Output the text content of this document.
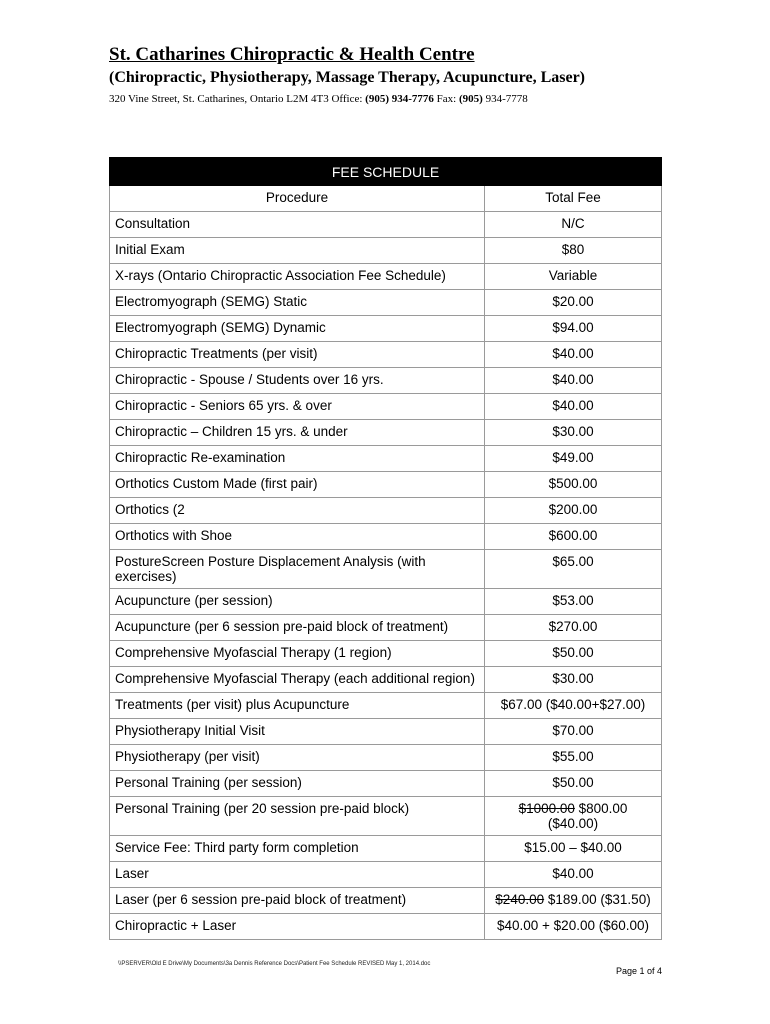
St. Catharines Chiropractic & Health Centre
(Chiropractic, Physiotherapy, Massage Therapy, Acupuncture, Laser)
320 Vine Street, St. Catharines, Ontario L2M 4T3 Office: (905) 934-7776 Fax: (905) 934-7778
FEE SCHEDULE	
Procedure	Total Fee
Consultation	N/C
Initial Exam	$80
X-rays (Ontario Chiropractic Association Fee Schedule)	Variable
Electromyograph (SEMG) Static	$20.00
Electromyograph (SEMG) Dynamic	$94.00
Chiropractic Treatments (per visit)	$40.00
Chiropractic - Spouse / Students over 16 yrs.	$40.00
Chiropractic - Seniors 65 yrs. & over	$40.00
Chiropractic – Children 15 yrs. & under	$30.00
Chiropractic Re-examination	$49.00
Orthotics Custom Made (first pair)	$500.00
Orthotics (2	$200.00
Orthotics with Shoe	$600.00
PostureScreen Posture Displacement Analysis (with exercises)	$65.00
Acupuncture (per session)	$53.00
Acupuncture (per 6 session pre-paid block of treatment)	$270.00
Comprehensive Myofascial Therapy (1 region)	$50.00
Comprehensive Myofascial Therapy (each additional region)	$30.00
Treatments (per visit) plus Acupuncture	$67.00 ($40.00+$27.00)
Physiotherapy Initial Visit	$70.00
Physiotherapy (per visit)	$55.00
Personal Training (per session)	$50.00
Personal Training (per 20 session pre-paid block)	$1000.00 $800.00
($40.00)
Service Fee: Third party form completion	$15.00 – $40.00
Laser	$40.00
Laser (per 6 session pre-paid block of treatment)	$240.00 $189.00 ($31.50)
Chiropractic + Laser	$40.00 + $20.00 ($60.00)
\\PSERVER\Old E Drive\My Documents\3a Dennis Reference Docs\Patient Fee Schedule REVISED May 1, 2014.doc
Page 1 of 4
